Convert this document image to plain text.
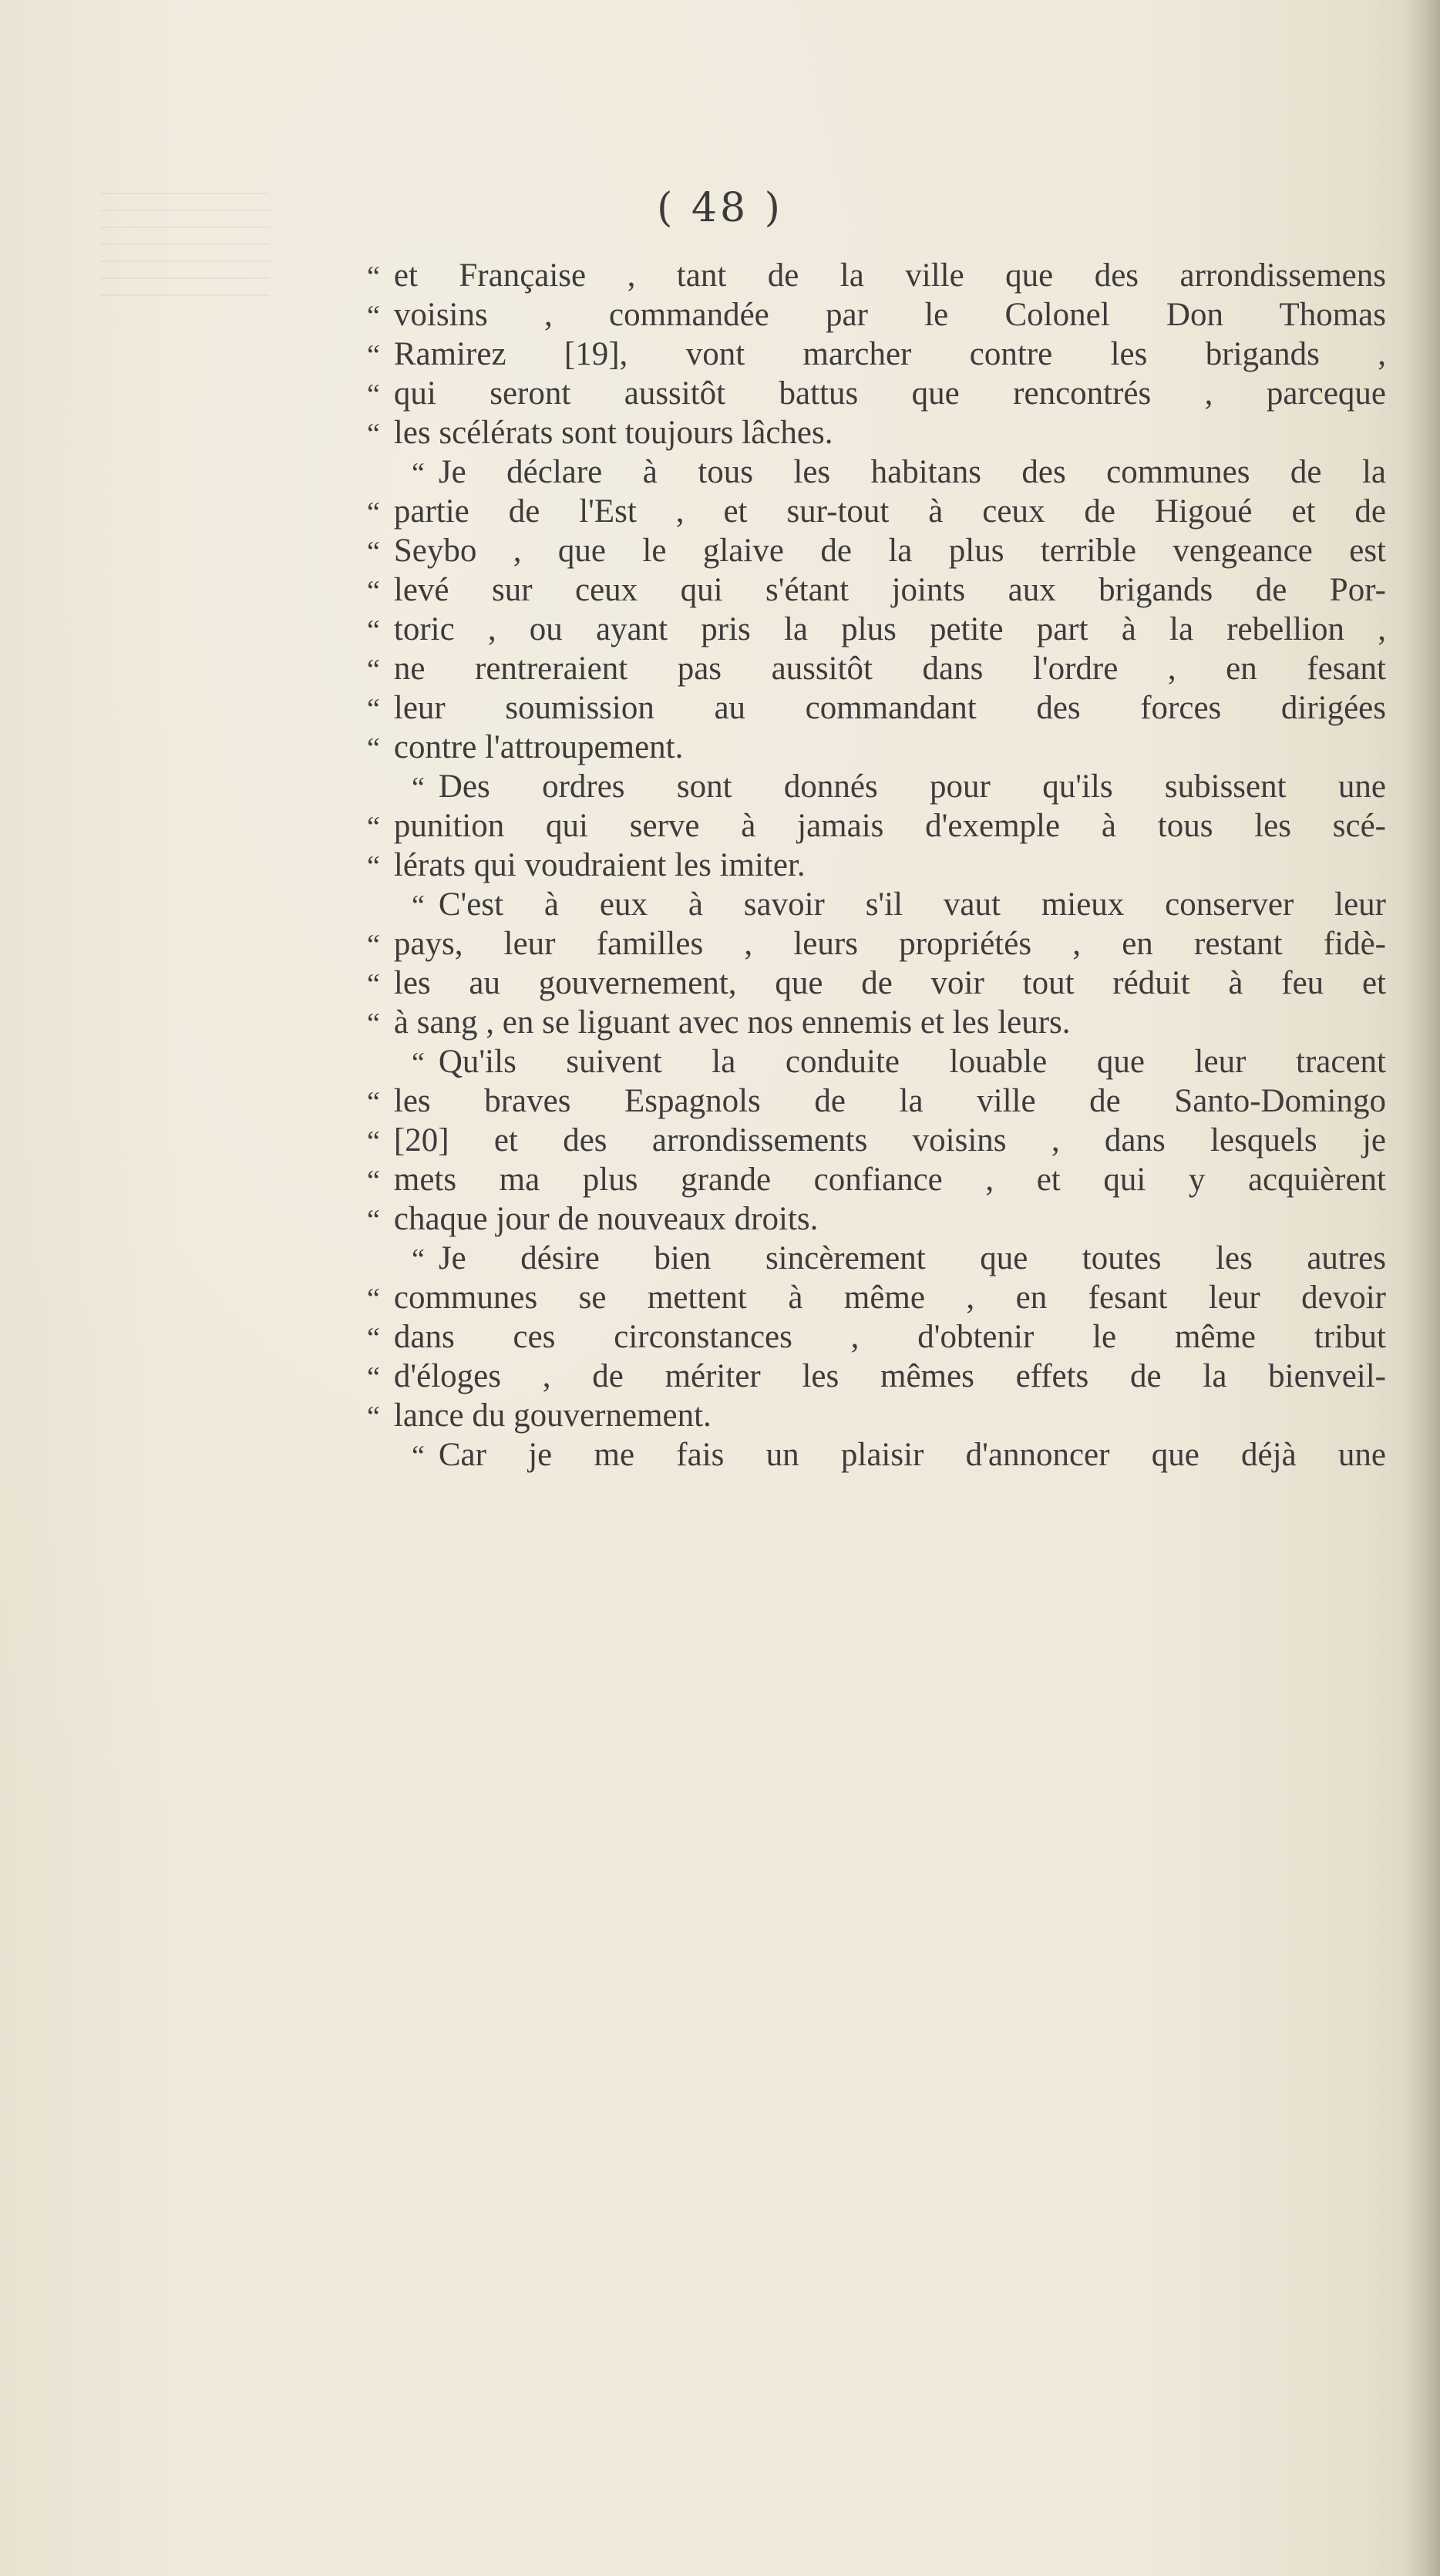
( 48 )
“ et Française , tant de la ville que des arrondissemens
“ voisins , commandée par le Colonel Don Thomas
“ Ramirez [19], vont marcher contre les brigands ,
“ qui seront aussitôt battus que rencontrés , parceque
“ les scélérats sont toujours lâches.
“ Je déclare à tous les habitans des communes de la
“ partie de l'Est , et sur-tout à ceux de Higoué et de
“ Seybo , que le glaive de la plus terrible vengeance est
“ levé sur ceux qui s'étant joints aux brigands de Por-
“ toric , ou ayant pris la plus petite part à la rebellion ,
“ ne rentreraient pas aussitôt dans l'ordre , en fesant
“ leur soumission au commandant des forces dirigées
“ contre l'attroupement.
“ Des ordres sont donnés pour qu'ils subissent une
“ punition qui serve à jamais d'exemple à tous les scé-
“ lérats qui voudraient les imiter.
“ C'est à eux à savoir s'il vaut mieux conserver leur
“ pays, leur familles , leurs propriétés , en restant fidè-
“ les au gouvernement, que de voir tout réduit à feu et
“ à sang , en se liguant avec nos ennemis et les leurs.
“ Qu'ils suivent la conduite louable que leur tracent
“ les braves Espagnols de la ville de Santo-Domingo
“ [20] et des arrondissements voisins , dans lesquels je
“ mets ma plus grande confiance , et qui y acquièrent
“ chaque jour de nouveaux droits.
“ Je désire bien sincèrement que toutes les autres
“ communes se mettent à même , en fesant leur devoir
“ dans ces circonstances , d'obtenir le même tribut
“ d'éloges , de mériter les mêmes effets de la bienveil-
“ lance du gouvernement.
“ Car je me fais un plaisir d'annoncer que déjà une
